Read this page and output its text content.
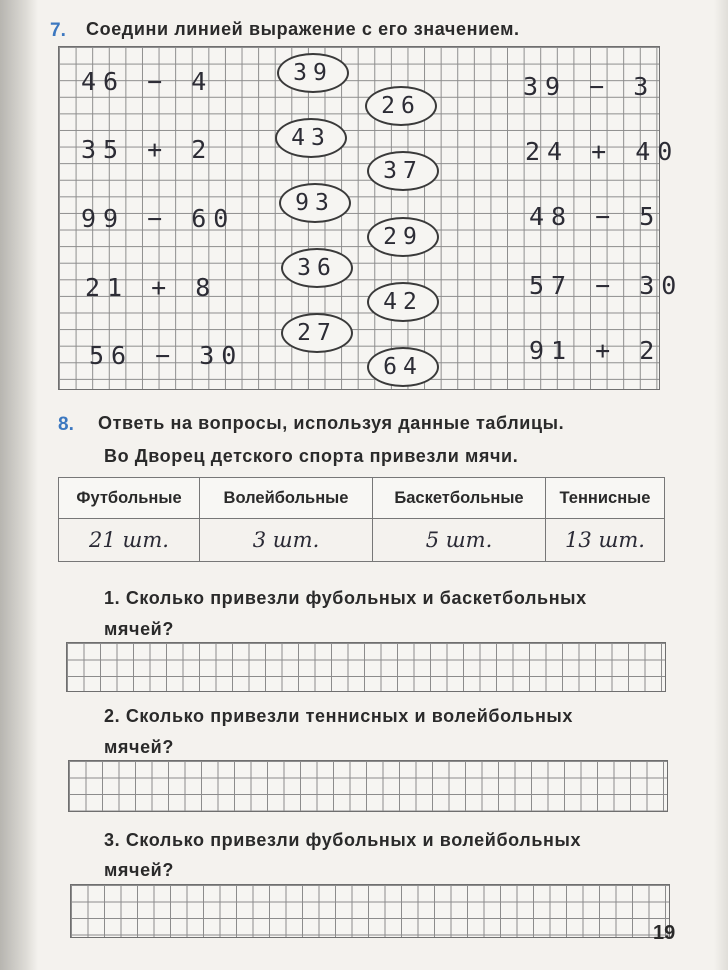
7. Соедини линией выражение с его значением.
46 − 4
35 + 2
99 − 60
21 + 8
56 − 30
39 − 3
24 + 40
48 − 5
57 − 30
91 + 2
39
43
93
36
27
26
37
29
42
64
8. Ответь на вопросы, используя данные таблицы.
Во Дворец детского спорта привезли мячи.
Футбольные	Волейбольные	Баскетбольные	Теннисные
21 шт.	3 шт.	5 шт.	13 шт.
1. Сколько привезли фубольных и баскетбольных
мячей?
2. Сколько привезли теннисных и волейбольных
мячей?
3. Сколько привезли фубольных и волейбольных
мячей?
19
